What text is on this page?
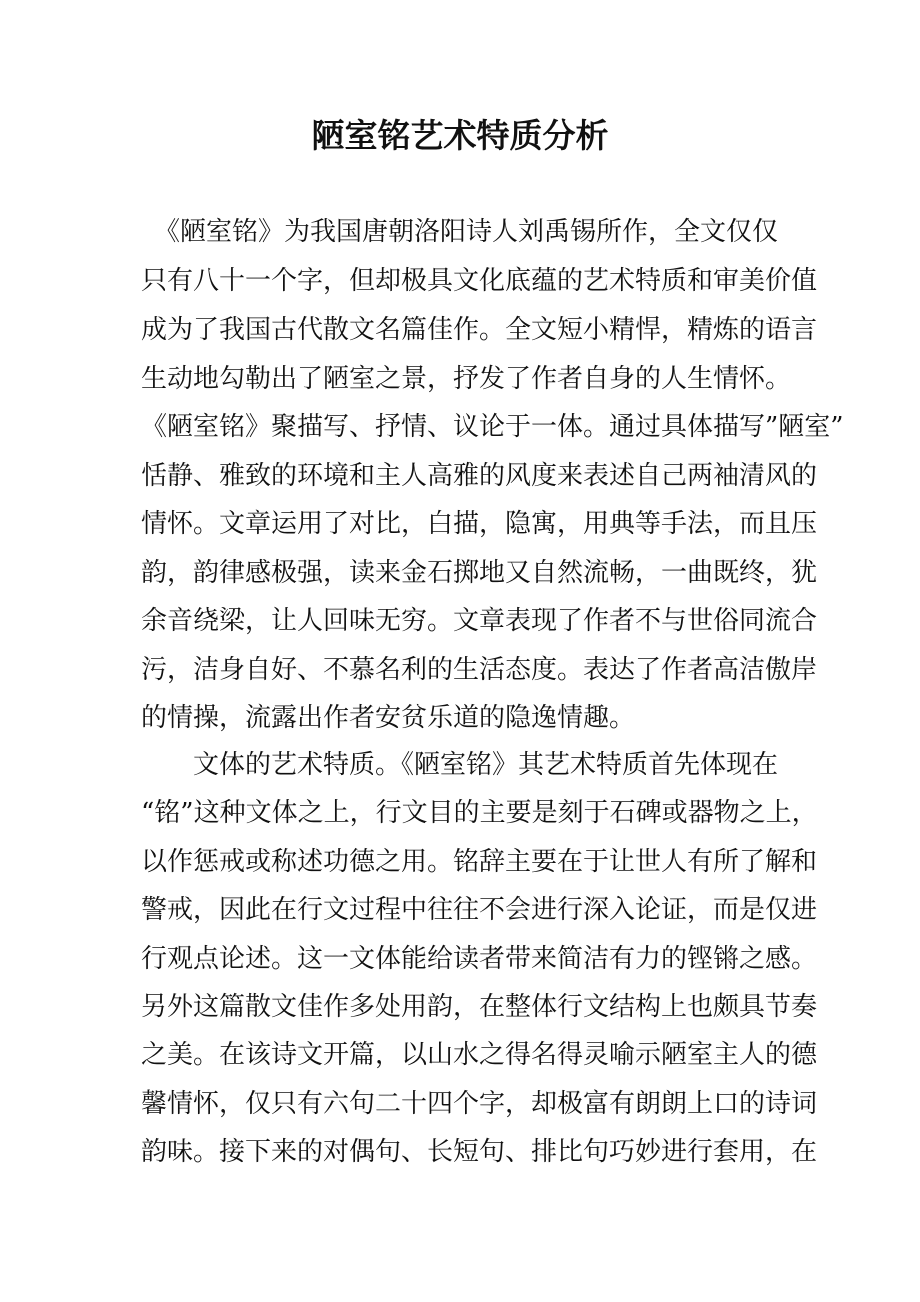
陋室铭艺术特质分析
　《陋室铭》为我国唐朝洛阳诗人刘禹锡所作，全文仅仅
只有八十一个字，但却极具文化底蕴的艺术特质和审美价值
成为了我国古代散文名篇佳作。全文短小精悍，精炼的语言
生动地勾勒出了陋室之景，抒发了作者自身的人生情怀。
《陋室铭》聚描写、抒情、议论于一体。通过具体描写”陋室”
恬静、雅致的环境和主人高雅的风度来表述自己两袖清风的
情怀。文章运用了对比，白描，隐寓，用典等手法，而且压
韵，韵律感极强，读来金石掷地又自然流畅，一曲既终，犹
余音绕梁，让人回味无穷。文章表现了作者不与世俗同流合
污，洁身自好、不慕名利的生活态度。表达了作者高洁傲岸
的情操，流露出作者安贫乐道的隐逸情趣。
　　文体的艺术特质。《陋室铭》其艺术特质首先体现在
“铭”这种文体之上，行文目的主要是刻于石碑或器物之上，
以作惩戒或称述功德之用。铭辞主要在于让世人有所了解和
警戒，因此在行文过程中往往不会进行深入论证，而是仅进
行观点论述。这一文体能给读者带来简洁有力的铿锵之感。
另外这篇散文佳作多处用韵，在整体行文结构上也颇具节奏
之美。在该诗文开篇，以山水之得名得灵喻示陋室主人的德
馨情怀，仅只有六句二十四个字，却极富有朗朗上口的诗词
韵味。接下来的对偶句、长短句、排比句巧妙进行套用，在
